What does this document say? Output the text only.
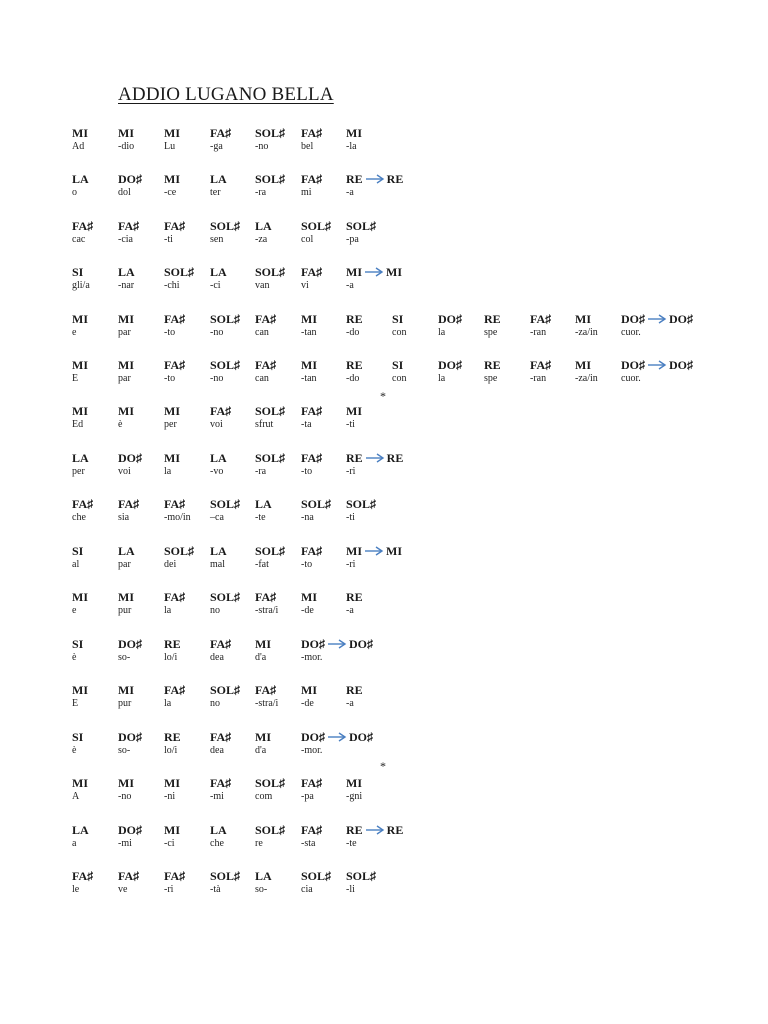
ADDIO LUGANO BELLA
MI
Ad
MI
-dio
MI
Lu
FA♯
-ga
SOL♯
-no
FA♯
bel
MI
-la
LA
o
DO♯
dol
MI
-ce
LA
ter
SOL♯
-ra
FA♯
mi
RE RE
-a
FA♯
cac
FA♯
-cia
FA♯
-ti
SOL♯
sen
LA
-za
SOL♯
col
SOL♯
-pa
SI
gli/a
LA
-nar
SOL♯
-chi
LA
-ci
SOL♯
van
FA♯
vi
MI MI
-a
MI
e
MI
par
FA♯
-to
SOL♯
-no
FA♯
can
MI
-tan
RE
-do
SI
con
DO♯
la
RE
spe
FA♯
-ran
MI
-za/in
DO♯ DO♯
cuor.
MI
E
MI
par
FA♯
-to
SOL♯
-no
FA♯
can
MI
-tan
RE
-do
SI
con
DO♯
la
RE
spe
FA♯
-ran
MI
-za/in
DO♯ DO♯
cuor.
MI
Ed
MI
è
MI
per
FA♯
voi
SOL♯
sfrut
FA♯
-ta
MI
-ti
LA
per
DO♯
voi
MI
la
LA
-vo
SOL♯
-ra
FA♯
-to
RE RE
-ri
FA♯
che
FA♯
sia
FA♯
-mo/in
SOL♯
–ca
LA
-te
SOL♯
-na
SOL♯
-ti
SI
al
LA
par
SOL♯
dei
LA
mal
SOL♯
-fat
FA♯
-to
MI MI
-ri
MI
e
MI
pur
FA♯
la
SOL♯
no
FA♯
-stra/i
MI
-de
RE
-a
SI
è
DO♯
so-
RE
lo/i
FA♯
dea
MI
d'a
DO♯ DO♯
-mor.
MI
E
MI
pur
FA♯
la
SOL♯
no
FA♯
-stra/i
MI
-de
RE
-a
SI
è
DO♯
so-
RE
lo/i
FA♯
dea
MI
d'a
DO♯ DO♯
-mor.
MI
A
MI
-no
MI
-ni
FA♯
-mi
SOL♯
com
FA♯
-pa
MI
-gni
LA
a
DO♯
-mi
MI
-ci
LA
che
SOL♯
re
FA♯
-sta
RE RE
-te
FA♯
le
FA♯
ve
FA♯
-ri
SOL♯
-tà
LA
so-
SOL♯
cia
SOL♯
-li
*
*
